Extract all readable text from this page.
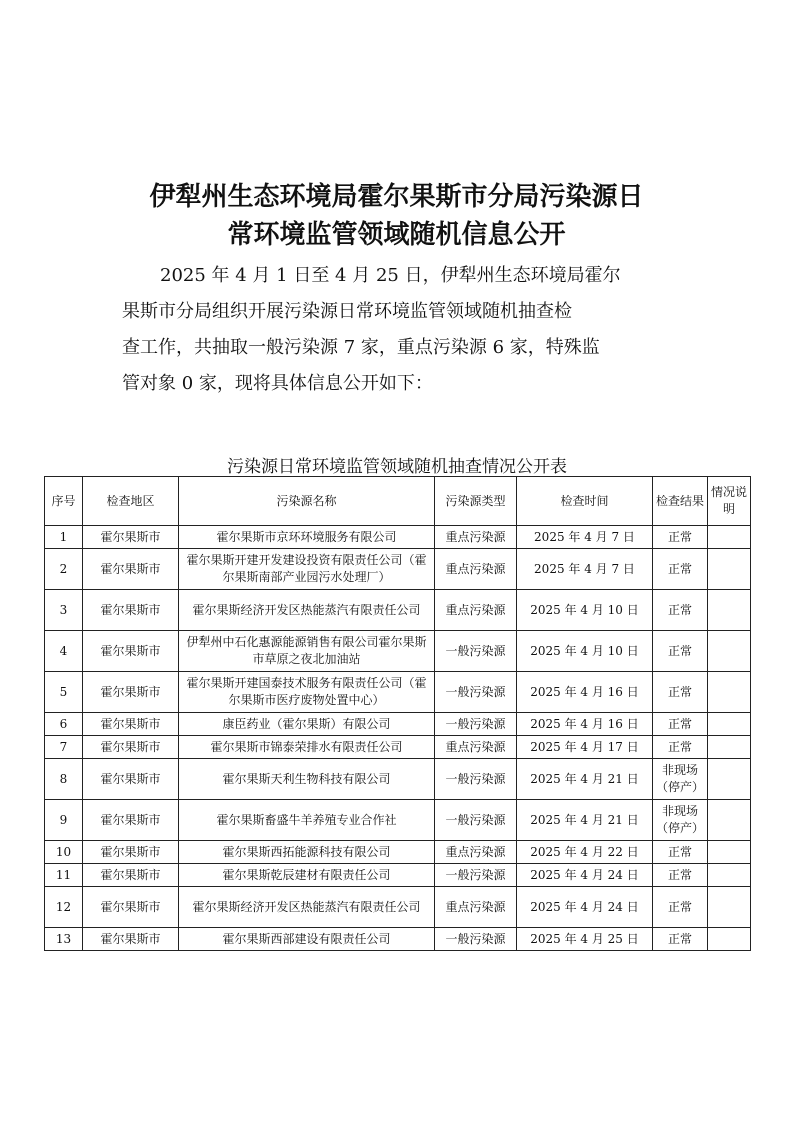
伊犁州生态环境局霍尔果斯市分局污染源日
常环境监管领域随机信息公开
2025 年 4 月 1 日至 4 月 25 日，伊犁州生态环境局霍尔
果斯市分局组织开展污染源日常环境监管领域随机抽查检
查工作，共抽取一般污染源 7 家，重点污染源 6 家，特殊监
管对象 0 家，现将具体信息公开如下：
污染源日常环境监管领域随机抽查情况公开表
序号	检查地区	污染源名称	污染源类型	检查时间	检查结果	情况说明
1	霍尔果斯市	霍尔果斯市京环环境服务有限公司	重点污染源	2025 年 4 月 7 日	正常	
2	霍尔果斯市	霍尔果斯开建开发建设投资有限责任公司（霍尔果斯南部产业园污水处理厂）	重点污染源	2025 年 4 月 7 日	正常	
3	霍尔果斯市	霍尔果斯经济开发区热能蒸汽有限责任公司	重点污染源	2025 年 4 月 10 日	正常	
4	霍尔果斯市	伊犁州中石化惠源能源销售有限公司霍尔果斯市草原之夜北加油站	一般污染源	2025 年 4 月 10 日	正常	
5	霍尔果斯市	霍尔果斯开建国泰技术服务有限责任公司（霍尔果斯市医疗废物处置中心）	一般污染源	2025 年 4 月 16 日	正常	
6	霍尔果斯市	康臣药业（霍尔果斯）有限公司	一般污染源	2025 年 4 月 16 日	正常	
7	霍尔果斯市	霍尔果斯市锦泰荣排水有限责任公司	重点污染源	2025 年 4 月 17 日	正常	
8	霍尔果斯市	霍尔果斯天利生物科技有限公司	一般污染源	2025 年 4 月 21 日	非现场（停产）	
9	霍尔果斯市	霍尔果斯畜盛牛羊养殖专业合作社	一般污染源	2025 年 4 月 21 日	非现场（停产）	
10	霍尔果斯市	霍尔果斯西拓能源科技有限公司	重点污染源	2025 年 4 月 22 日	正常	
11	霍尔果斯市	霍尔果斯乾辰建材有限责任公司	一般污染源	2025 年 4 月 24 日	正常	
12	霍尔果斯市	霍尔果斯经济开发区热能蒸汽有限责任公司	重点污染源	2025 年 4 月 24 日	正常	
13	霍尔果斯市	霍尔果斯西部建设有限责任公司	一般污染源	2025 年 4 月 25 日	正常	
